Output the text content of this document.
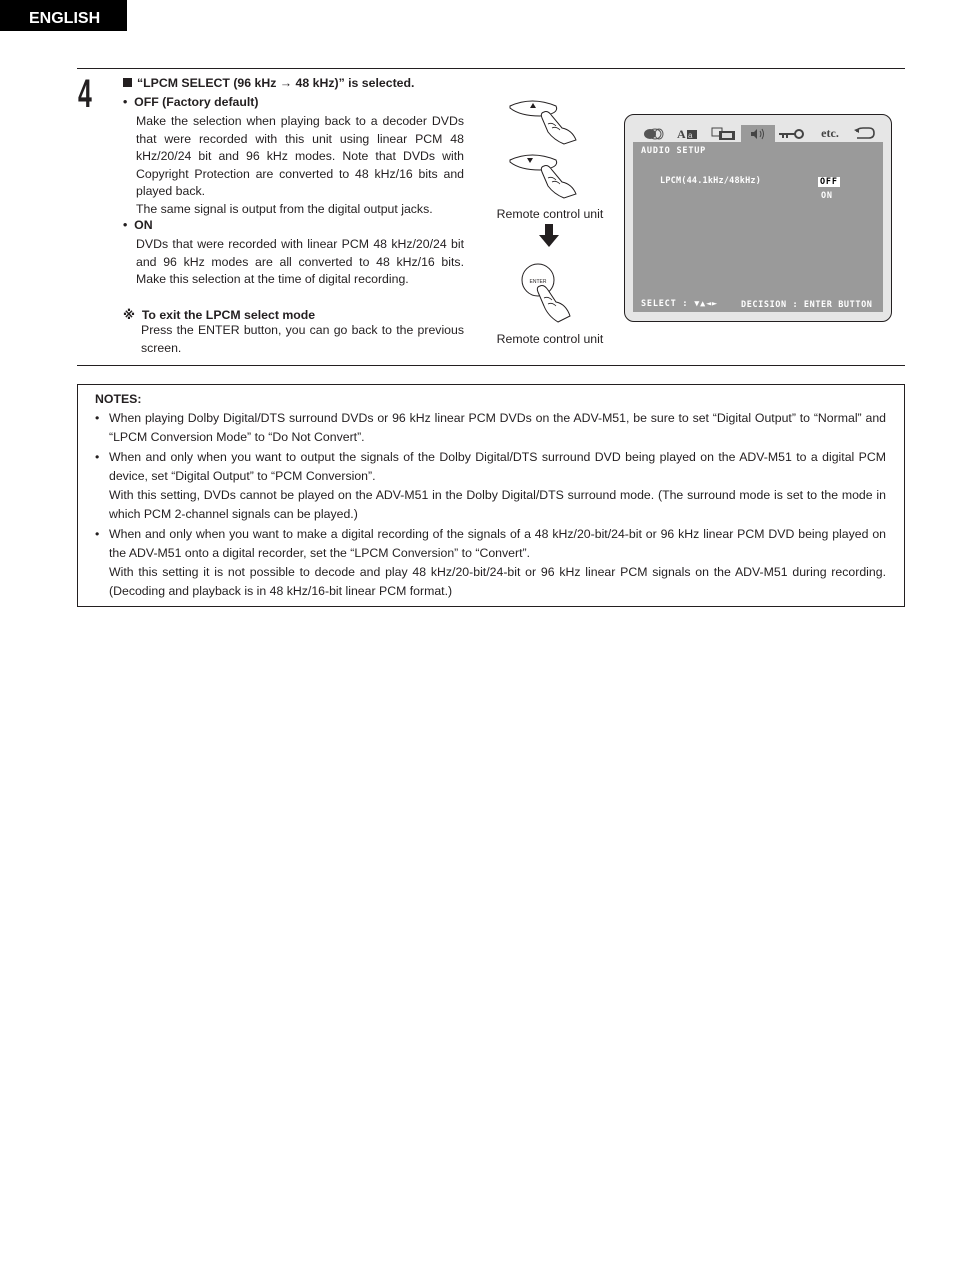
ENGLISH
4	“LPCM SELECT (96 kHz → 48 kHz)” is selected.
• OFF (Factory default)
Make the selection when playing back to a decoder DVDs that were recorded with this unit using linear PCM 48 kHz/20/24 bit and 96 kHz modes. Note that DVDs with Copyright Protection are converted to 48 kHz/16 bits and played back.
The same signal is output from the digital output jacks.
• ON
DVDs that were recorded with linear PCM 48 kHz/20/24 bit and 96 kHz modes are all converted to 48 kHz/16 bits. Make this selection at the time of digital recording.
※ To exit the LPCM select mode
Press the ENTER button, you can go back to the previous screen.
Remote control unit
ENTER
Remote control unit
A a	etc.
AUDIO SETUP
LPCM(44.1kHz/48kHz)	OFF
ON
SELECT : ▼▲◄►	DECISION : ENTER BUTTON
NOTES:
• When playing Dolby Digital/DTS surround DVDs or 96 kHz linear PCM DVDs on the ADV-M51, be sure to set “Digital Output” to “Normal” and “LPCM Conversion Mode” to “Do Not Convert”.
• When and only when you want to output the signals of the Dolby Digital/DTS surround DVD being played on the ADV-M51 to a digital PCM device, set “Digital Output” to “PCM Conversion”.
With this setting, DVDs cannot be played on the ADV-M51 in the Dolby Digital/DTS surround mode. (The surround mode is set to the mode in which PCM 2-channel signals can be played.)
• When and only when you want to make a digital recording of the signals of a 48 kHz/20-bit/24-bit or 96 kHz linear PCM DVD being played on the ADV-M51 onto a digital recorder, set the “LPCM Conversion” to “Convert”.
With this setting it is not possible to decode and play 48 kHz/20-bit/24-bit or 96 kHz linear PCM signals on the ADV-M51 during recording. (Decoding and playback is in 48 kHz/16-bit linear PCM format.)
